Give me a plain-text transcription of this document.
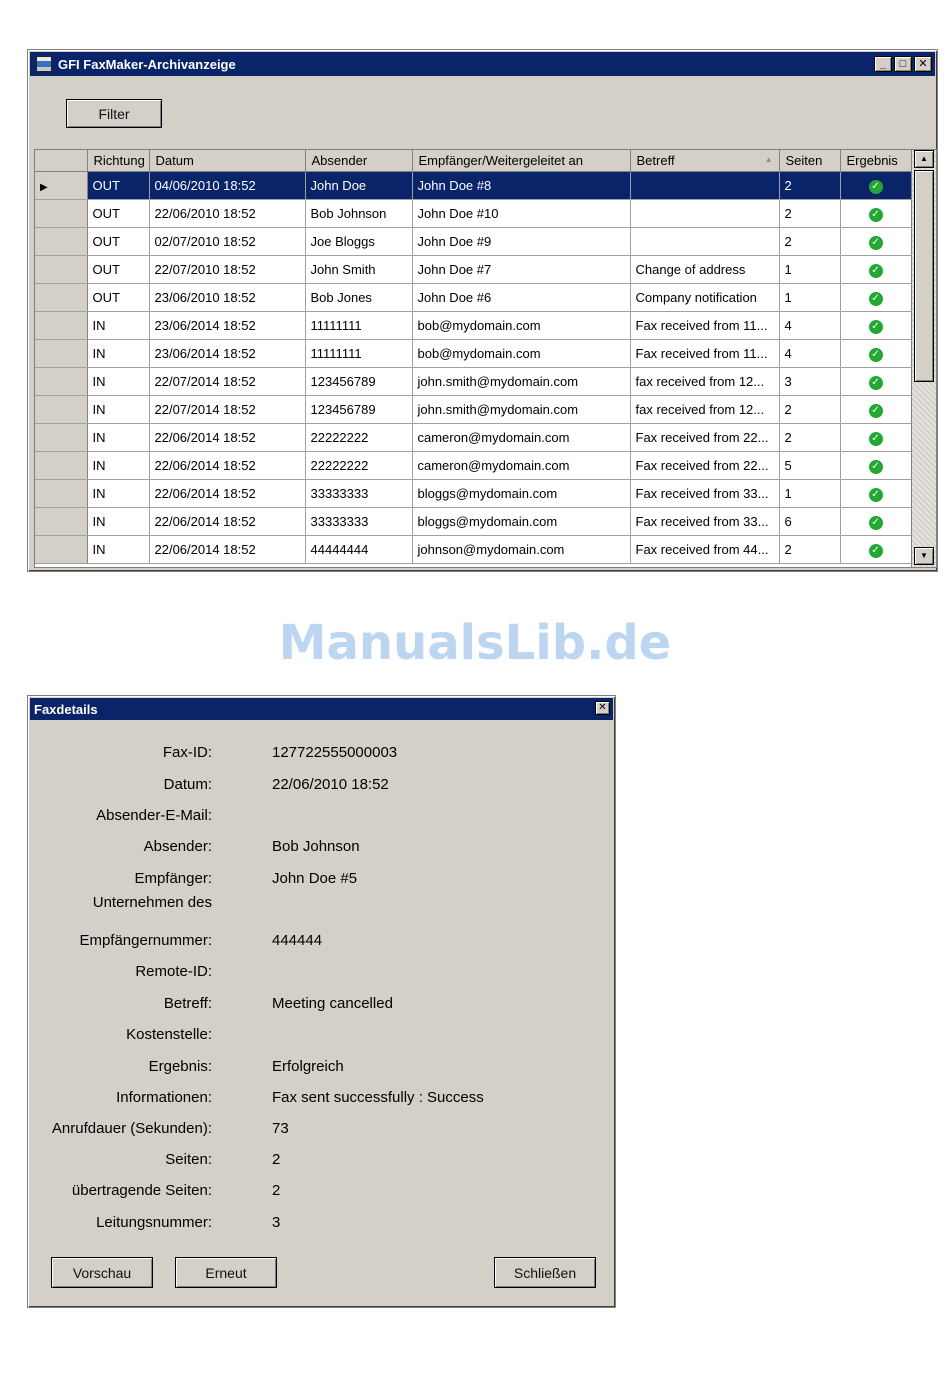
GFI FaxMaker-Archivanzeige	_	□	✕
Filter
	Richtung	Datum	Absender	Empfänger/Weitergeleitet an	Betreff ▲	Seiten	Ergebnis
▶	OUT	04/06/2010 18:52	John Doe	John Doe #8		2	✓
	OUT	22/06/2010 18:52	Bob Johnson	John Doe #10		2	✓
	OUT	02/07/2010 18:52	Joe Bloggs	John Doe #9		2	✓
	OUT	22/07/2010 18:52	John Smith	John Doe #7	Change of address	1	✓
	OUT	23/06/2010 18:52	Bob Jones	John Doe #6	Company notification	1	✓
	IN	23/06/2014 18:52	11111111	bob@mydomain.com	Fax received from 11...	4	✓
	IN	23/06/2014 18:52	11111111	bob@mydomain.com	Fax received from 11...	4	✓
	IN	22/07/2014 18:52	123456789	john.smith@mydomain.com	fax received from 12...	3	✓
	IN	22/07/2014 18:52	123456789	john.smith@mydomain.com	fax received from 12...	2	✓
	IN	22/06/2014 18:52	22222222	cameron@mydomain.com	Fax received from 22...	2	✓
	IN	22/06/2014 18:52	22222222	cameron@mydomain.com	Fax received from 22...	5	✓
	IN	22/06/2014 18:52	33333333	bloggs@mydomain.com	Fax received from 33...	1	✓
	IN	22/06/2014 18:52	33333333	bloggs@mydomain.com	Fax received from 33...	6	✓
	IN	22/06/2014 18:52	44444444	johnson@mydomain.com	Fax received from 44...	2	✓
▲
▼
ManualsLib.de
Faxdetails	✕
Fax-ID:	127722555000003
Datum:	22/06/2010 18:52
Absender-E-Mail:
Absender:	Bob Johnson
Empfänger:	John Doe #5
Unternehmen des
Empfängernummer:	444444
Remote-ID:
Betreff:	Meeting cancelled
Kostenstelle:
Ergebnis:	Erfolgreich
Informationen:	Fax sent successfully : Success
Anrufdauer (Sekunden):	73
Seiten:	2
übertragende Seiten:	2
Leitungsnummer:	3
Vorschau	Erneut	Schließen
